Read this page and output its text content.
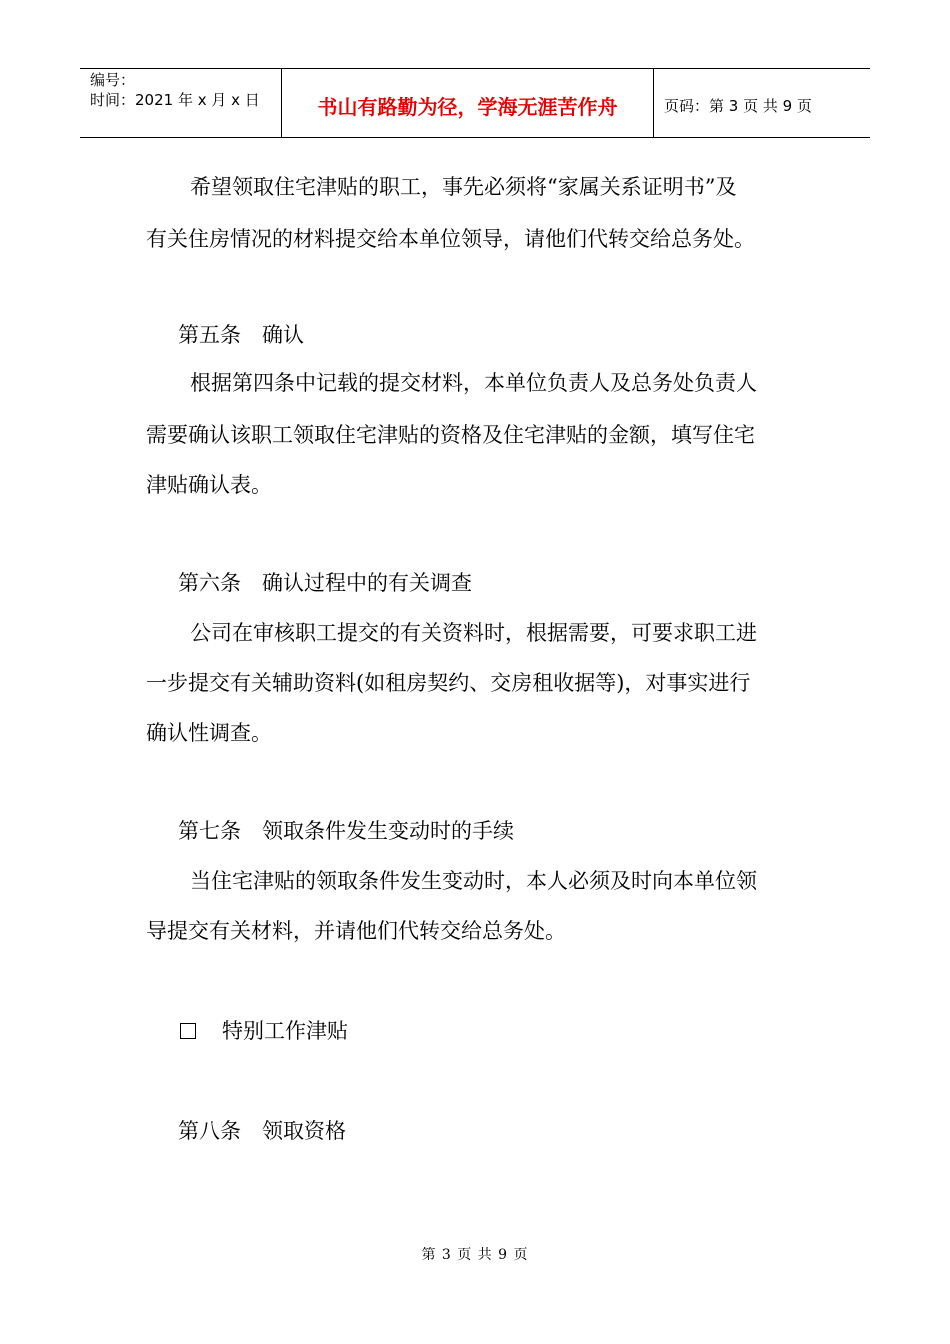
编号：
时间：2021 年 x 月 x 日	书山有路勤为径，学海无涯苦作舟	页码：第 3 页 共 9 页
希望领取住宅津贴的职工，事先必须将“家属关系证明书”及
有关住房情况的材料提交给本单位领导，请他们代转交给总务处。
第五条　确认
根据第四条中记载的提交材料，本单位负责人及总务处负责人
需要确认该职工领取住宅津贴的资格及住宅津贴的金额，填写住宅
津贴确认表。
第六条　确认过程中的有关调查
公司在审核职工提交的有关资料时，根据需要，可要求职工进
一步提交有关辅助资料(如租房契约、交房租收据等)，对事实进行
确认性调查。
第七条　领取条件发生变动时的手续
当住宅津贴的领取条件发生变动时，本人必须及时向本单位领
导提交有关材料，并请他们代转交给总务处。
特别工作津贴
第八条　领取资格
第 3 页 共 9 页
